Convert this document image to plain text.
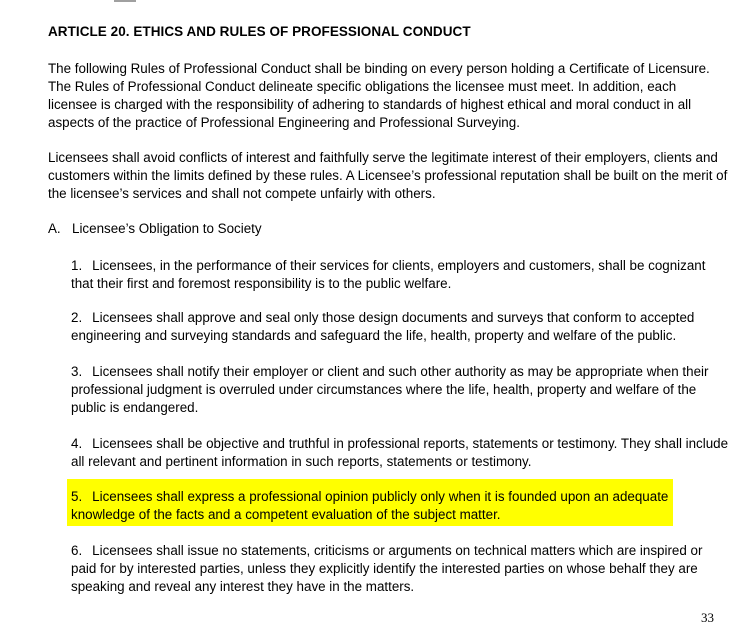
ARTICLE 20. ETHICS AND RULES OF PROFESSIONAL CONDUCT

The following Rules of Professional Conduct shall be binding on every person holding a Certificate of Licensure. The Rules of Professional Conduct delineate specific obligations the licensee must meet. In addition, each licensee is charged with the responsibility of adhering to standards of highest ethical and moral conduct in all aspects of the practice of Professional Engineering and Professional Surveying.

Licensees shall avoid conflicts of interest and faithfully serve the legitimate interest of their employers, clients and customers within the limits defined by these rules. A Licensee’s professional reputation shall be built on the merit of the licensee’s services and shall not compete unfairly with others.

A. Licensee’s Obligation to Society

1. Licensees, in the performance of their services for clients, employers and customers, shall be cognizant that their first and foremost responsibility is to the public welfare.

2. Licensees shall approve and seal only those design documents and surveys that conform to accepted engineering and surveying standards and safeguard the life, health, property and welfare of the public.

3. Licensees shall notify their employer or client and such other authority as may be appropriate when their professional judgment is overruled under circumstances where the life, health, property and welfare of the public is endangered.

4. Licensees shall be objective and truthful in professional reports, statements or testimony. They shall include all relevant and pertinent information in such reports, statements or testimony.

5. Licensees shall express a professional opinion publicly only when it is founded upon an adequate knowledge of the facts and a competent evaluation of the subject matter.

6. Licensees shall issue no statements, criticisms or arguments on technical matters which are inspired or paid for by interested parties, unless they explicitly identify the interested parties on whose behalf they are speaking and reveal any interest they have in the matters.

33
